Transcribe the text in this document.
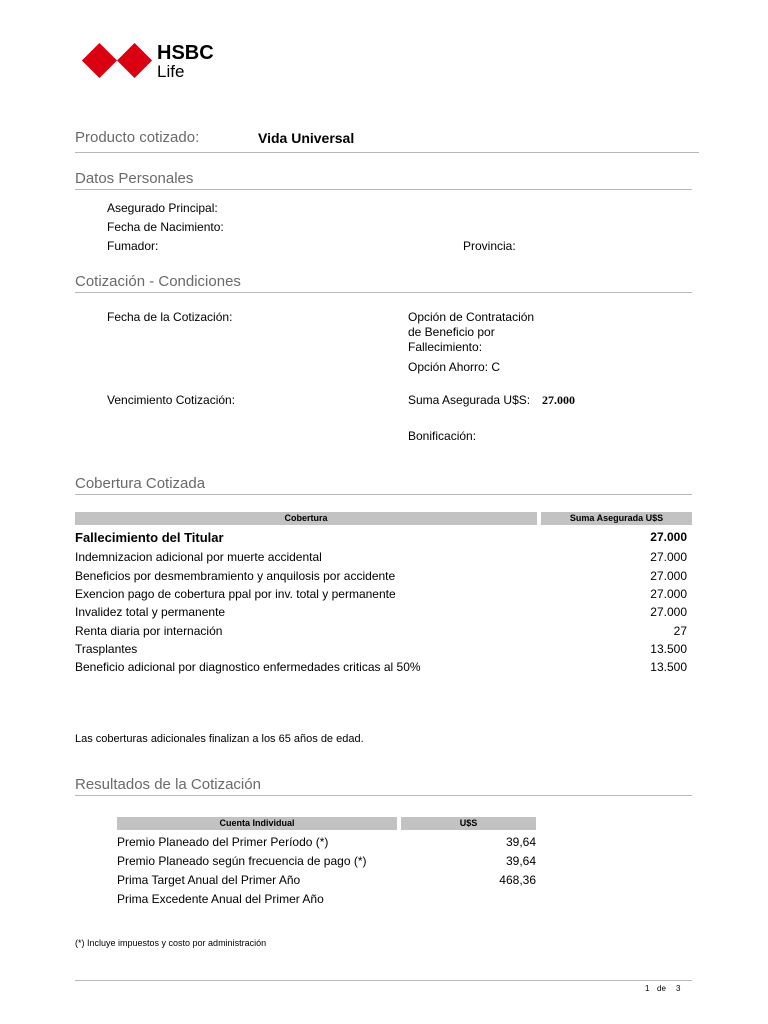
HSBC
Life
Producto cotizado:	Vida Universal
Datos Personales
Asegurado Principal:
Fecha de Nacimiento:
Fumador:	Provincia:
Cotización - Condiciones
Fecha de la Cotización:	Opción de Contratación
de Beneficio por
Fallecimiento:
Opción Ahorro: C
Vencimiento Cotización:	Suma Asegurada U$S: 27.000
Bonificación:
Cobertura Cotizada
Cobertura	Suma Asegurada U$S
Fallecimiento del Titular	27.000
Indemnizacion adicional por muerte accidental	27.000
Beneficios por desmembramiento y anquilosis por accidente	27.000
Exencion pago de cobertura ppal por inv. total y permanente	27.000
Invalidez total y permanente	27.000
Renta diaria por internación	27
Trasplantes	13.500
Beneficio adicional por diagnostico enfermedades criticas al 50%	13.500
Las coberturas adicionales finalizan a los 65 años de edad.
Resultados de la Cotización
Cuenta Individual	U$S
Premio Planeado del Primer Período (*)	39,64
Premio Planeado según frecuencia de pago (*)	39,64
Prima Target Anual del Primer Año	468,36
Prima Excedente Anual del Primer Año
(*) Incluye impuestos y costo por administración
1 de 3
